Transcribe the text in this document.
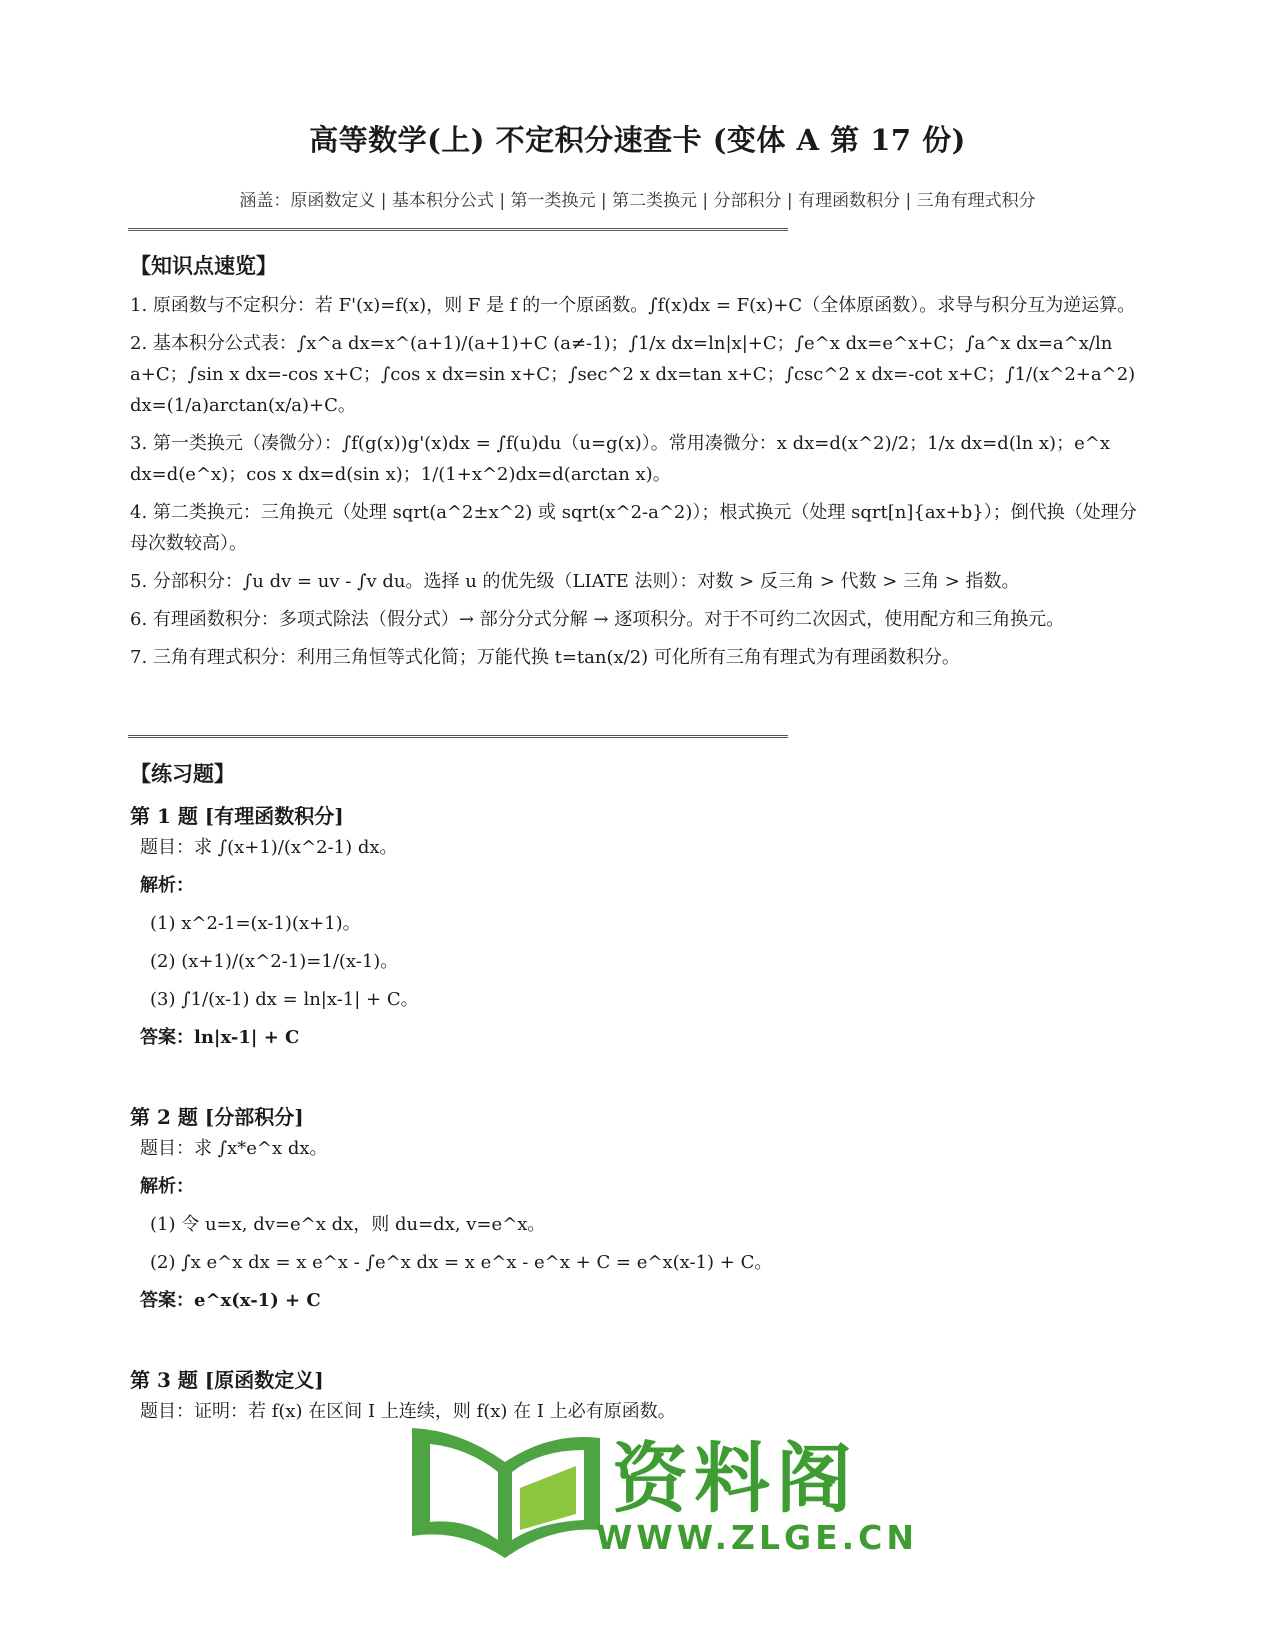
高等数学(上) 不定积分速查卡 (变体 A 第 17 份)
涵盖：原函数定义 | 基本积分公式 | 第一类换元 | 第二类换元 | 分部积分 | 有理函数积分 | 三角有理式积分

【知识点速览】

1. 原函数与不定积分：若 F'(x)=f(x)，则 F 是 f 的一个原函数。∫f(x)dx = F(x)+C（全体原函数）。求导与积分互为逆运算。

2. 基本积分公式表：∫x^a dx=x^(a+1)/(a+1)+C (a≠-1)；∫1/x dx=ln|x|+C；∫e^x dx=e^x+C；∫a^x dx=a^x/ln a+C；∫sin x dx=-cos x+C；∫cos x dx=sin x+C；∫sec^2 x dx=tan x+C；∫csc^2 x dx=-cot x+C；∫1/(x^2+a^2) dx=(1/a)arctan(x/a)+C。

3. 第一类换元（凑微分）：∫f(g(x))g'(x)dx = ∫f(u)du（u=g(x)）。常用凑微分：x dx=d(x^2)/2；1/x dx=d(ln x)；e^x dx=d(e^x)；cos x dx=d(sin x)；1/(1+x^2)dx=d(arctan x)。

4. 第二类换元：三角换元（处理 sqrt(a^2±x^2) 或 sqrt(x^2-a^2)）；根式换元（处理 sqrt[n]{ax+b}）；倒代换（处理分母次数较高）。

5. 分部积分：∫u dv = uv - ∫v du。选择 u 的优先级（LIATE 法则）：对数 > 反三角 > 代数 > 三角 > 指数。

6. 有理函数积分：多项式除法（假分式）→ 部分分式分解 → 逐项积分。对于不可约二次因式，使用配方和三角换元。

7. 三角有理式积分：利用三角恒等式化简；万能代换 t=tan(x/2) 可化所有三角有理式为有理函数积分。

【练习题】

第 1 题 [有理函数积分]

题目：求 ∫(x+1)/(x^2-1) dx。

解析：

(1) x^2-1=(x-1)(x+1)。

(2) (x+1)/(x^2-1)=1/(x-1)。

(3) ∫1/(x-1) dx = ln|x-1| + C。

答案：ln|x-1| + C

第 2 题 [分部积分]

题目：求 ∫x*e^x dx。

解析：

(1) 令 u=x, dv=e^x dx，则 du=dx, v=e^x。

(2) ∫x e^x dx = x e^x - ∫e^x dx = x e^x - e^x + C = e^x(x-1) + C。

答案：e^x(x-1) + C

第 3 题 [原函数定义]

题目：证明：若 f(x) 在区间 I 上连续，则 f(x) 在 I 上必有原函数。

资料阁
WWW.ZLGE.CN
